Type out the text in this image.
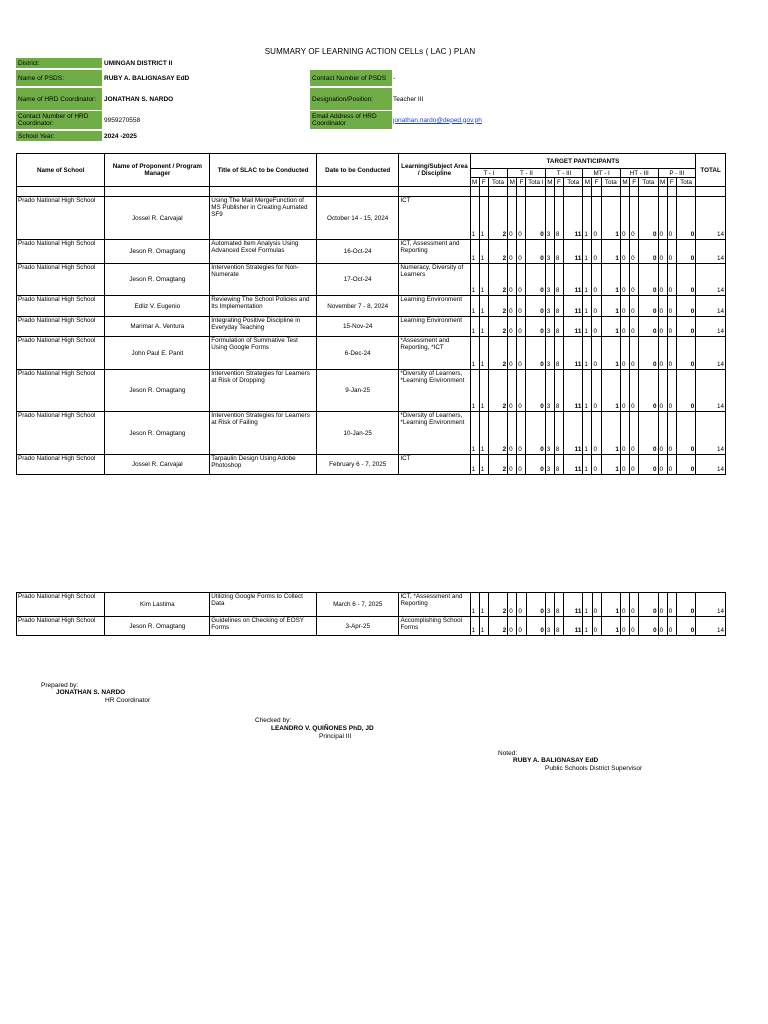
SUMMARY OF LEARNING ACTION CELLs ( LAC ) PLAN
District:	UMINGAN DISTRICT II
Name of PSDS:	RUBY A. BALIGNASAY EdD	Contact Number of PSDS	-
Name of HRD Coordinator:	JONATHAN S. NARDO	Designation/Position:	Teacher III
Contact Number of HRD Coordinator:	9959270558	Email Address of HRD Coordinator	jonathan.nardo@deped.gov.ph
School Year:	2024 -2025
Name of School	Name of Proponent / Program Manager	Title of SLAC to be Conducted	Date to be Conducted	Learning/Subject Area / Discipline	TARGET PANTICIPANTS																		TOTAL
					T - I			T - II			T - III			MT - I			HT - III			P - III			
					M	F	Tota	M	F	Tota l	M	F	Tota	M	F	Tota	M	F	Tota	M	F	Tota	

Prado National High School	Jossel R. Carvajal	Using The Mail MergeFunction of MS Publisher in Creating Aumated SF9	October 14 - 15, 2024	ICT	1	1	2	0	0	0	3	8	11	1	0	1	0	0	0	0	0	0	14
Prado National High School	Jeson R. Omagtang	Automated Item Analysis Using Advanced Excel Formulas	16-Oct-24	ICT, Assessment and Reporting	1	1	2	0	0	0	3	8	11	1	0	1	0	0	0	0	0	0	14
Prado National High School	Jeson R. Omagtang	Intervention Strategies for Non-Numerate	17-Oct-24	Numeracy, Diversity of Learners	1	1	2	0	0	0	3	8	11	1	0	1	0	0	0	0	0	0	14
Prado National High School	Edliz V. Eugenio	Reviewing The School Policies and Its Implementation	November 7 - 8, 2024	Learning Environment	1	1	2	0	0	0	3	8	11	1	0	1	0	0	0	0	0	0	14
Prado National High School	Marimar A. Ventura	Integrating Positive Discipline in Everyday Teaching	15-Nov-24	Learning Environment	1	1	2	0	0	0	3	8	11	1	0	1	0	0	0	0	0	0	14
Prado National High School	John Paul E. Panit	Formulation of Summative Test Using Google Forms	6-Dec-24	*Assessment and Reporting, *ICT	1	1	2	0	0	0	3	8	11	1	0	1	0	0	0	0	0	0	14
Prado National High School	Jeson R. Omagtang	Intervention Strategies for Learners at Risk of Dropping	9-Jan-25	*Diversity of Learners, *Learning Environment	1	1	2	0	0	0	3	8	11	1	0	1	0	0	0	0	0	0	14
Prado National High School	Jeson R. Omagtang	Intervention Strategies for Learners at Risk of Failing	10-Jan-25	*Diversity of Learners, *Learning Environment	1	1	2	0	0	0	3	8	11	1	0	1	0	0	0	0	0	0	14
Prado National High School	Jossel R. Carvajal	Tarpaulin Design Using Adobe Photoshop	February 6 - 7, 2025	ICT	1	1	2	0	0	0	3	8	11	1	0	1	0	0	0	0	0	0	14
Prado National High School	Kim Lastima	Utilizing Google Forms to Collect Data	March 6 - 7, 2025	ICT, *Assessment and Reporting	1	1	2	0	0	0	3	8	11	1	0	1	0	0	0	0	0	0	14
Prado National High School	Jeson R. Omagtang	Guidelines on Checking of EOSY Forms	3-Apr-25	Accomplishing School Forms	1	1	2	0	0	0	3	8	11	1	0	1	0	0	0	0	0	0	14
Prepared by:
JONATHAN S. NARDO
HR Coordinator
Checked by:
LEANDRO V. QUIÑONES PhD, JD
Principal III
Noted:
RUBY A. BALIGNASAY EdD
Public Schools District Supervisor
